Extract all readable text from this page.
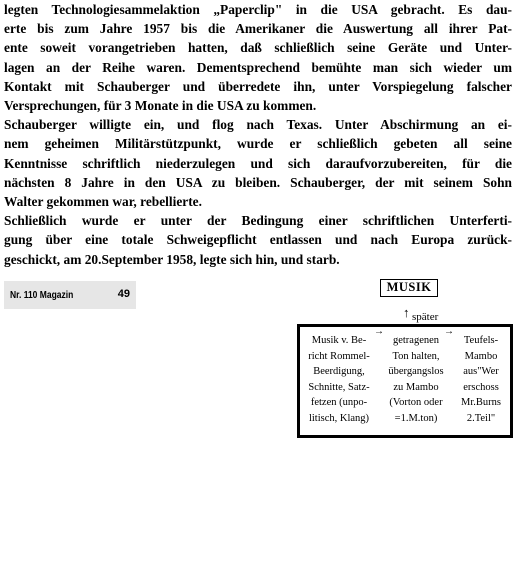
legten Technologiesammelaktion „Paperclip" in die USA gebracht. Es dau-
erte bis zum Jahre 1957 bis die Amerikaner die Auswertung all ihrer Pat-
ente soweit vorangetrieben hatten, daß schließlich seine Geräte und Unter-
lagen an der Reihe waren. Dementsprechend bemühte man sich wieder um
Kontakt mit Schauberger und überredete ihn, unter Vorspiegelung falscher
Versprechungen, für 3 Monate in die USA zu kommen.
Schauberger willigte ein, und flog nach Texas. Unter Abschirmung an ei-
nem geheimen Militärstützpunkt, wurde er schließlich gebeten all seine
Kenntnisse schriftlich niederzulegen und sich daraufvorzubereiten, für die
nächsten 8 Jahre in den USA zu bleiben. Schauberger, der mit seinem Sohn
Walter gekommen war, rebellierte.
Schließlich wurde er unter der Bedingung einer schriftlichen Unterferti-
gung über eine totale Schweigepflicht entlassen und nach Europa zurück-
geschickt, am 20.September 1958, legte sich hin, und starb.

Nr. 110 Magazin	49	MUSIK
↑ später
→	→
Musik v. Be-
richt Rommel-
Beerdigung,
Schnitte, Satz-
fetzen (unpo-
litisch, Klang)
getragenen
Ton halten,
übergangslos
zu Mambo
(Vorton oder
=1.M.ton)
Teufels-
Mambo
aus"Wer
erschoss
Mr.Burns
2.Teil"
